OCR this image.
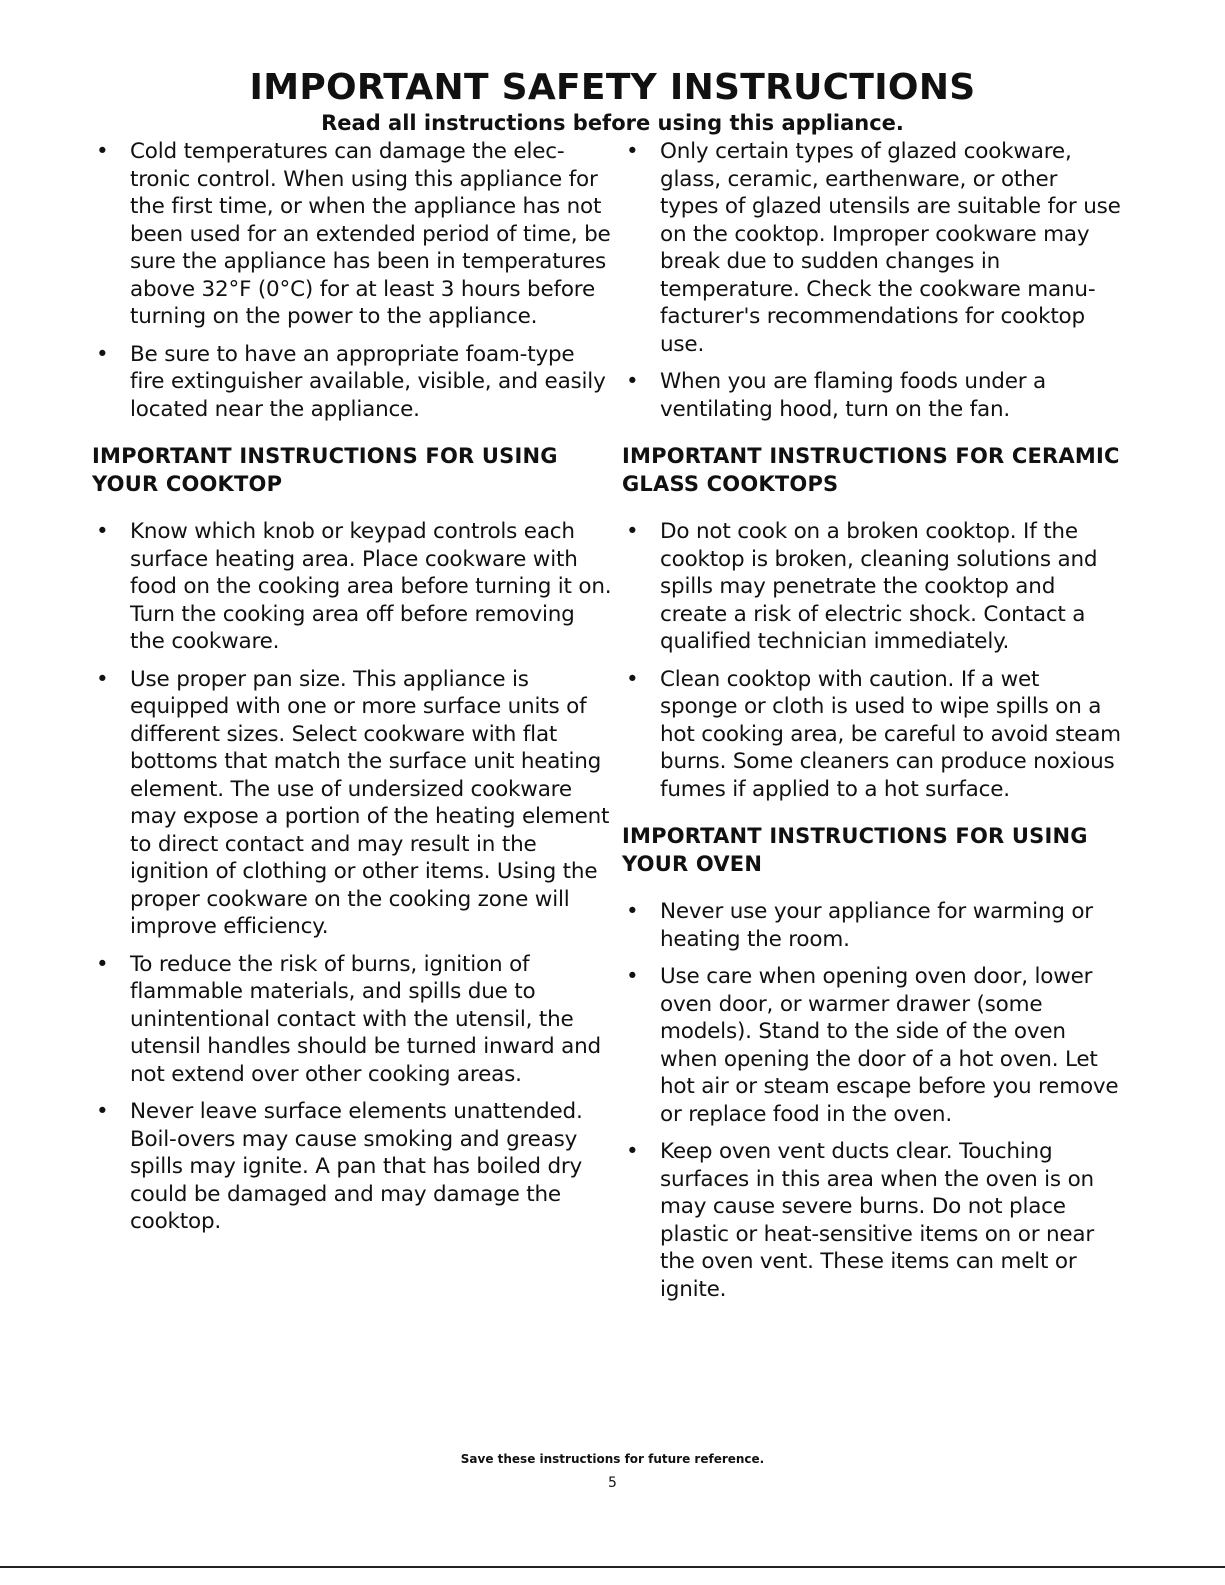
IMPORTANT SAFETY INSTRUCTIONS
Read all instructions before using this appliance.
• Cold temperatures can damage the elec- tronic control. When using this appliance for the first time, or when the appliance has not been used for an extended period of time, be sure the appliance has been in temperatures above 32°F (0°C) for at least 3 hours before turning on the power to the appliance.
• Be sure to have an appropriate foam-type fire extinguisher available, visible, and easily located near the appliance.
IMPORTANT INSTRUCTIONS FOR USING YOUR COOKTOP
• Know which knob or keypad controls each surface heating area. Place cookware with food on the cooking area before turning it on. Turn the cooking area off before removing the cookware.
• Use proper pan size. This appliance is equipped with one or more surface units of different sizes. Select cookware with flat bottoms that match the surface unit heating element. The use of undersized cookware may expose a portion of the heating element to direct contact and may result in the ignition of clothing or other items. Using the proper cookware on the cooking zone will improve efficiency.
• To reduce the risk of burns, ignition of flammable materials, and spills due to unintentional contact with the utensil, the utensil handles should be turned inward and not extend over other cooking areas.
• Never leave surface elements unattended. Boil-overs may cause smoking and greasy spills may ignite. A pan that has boiled dry could be damaged and may damage the cooktop.
• Only certain types of glazed cookware, glass, ceramic, earthenware, or other types of glazed utensils are suitable for use on the cooktop. Improper cookware may break due to sudden changes in temperature. Check the cookware manu- facturer's recommendations for cooktop use.
• When you are flaming foods under a ventilating hood, turn on the fan.
IMPORTANT INSTRUCTIONS FOR CERAMIC GLASS COOKTOPS
• Do not cook on a broken cooktop. If the cooktop is broken, cleaning solutions and spills may penetrate the cooktop and create a risk of electric shock. Contact a qualified technician immediately.
• Clean cooktop with caution. If a wet sponge or cloth is used to wipe spills on a hot cooking area, be careful to avoid steam burns. Some cleaners can produce noxious fumes if applied to a hot surface.
IMPORTANT INSTRUCTIONS FOR USING YOUR OVEN
• Never use your appliance for warming or heating the room.
• Use care when opening oven door, lower oven door, or warmer drawer (some models). Stand to the side of the oven when opening the door of a hot oven. Let hot air or steam escape before you remove or replace food in the oven.
• Keep oven vent ducts clear. Touching surfaces in this area when the oven is on may cause severe burns. Do not place plastic or heat-sensitive items on or near the oven vent. These items can melt or ignite.
Save these instructions for future reference.
5
